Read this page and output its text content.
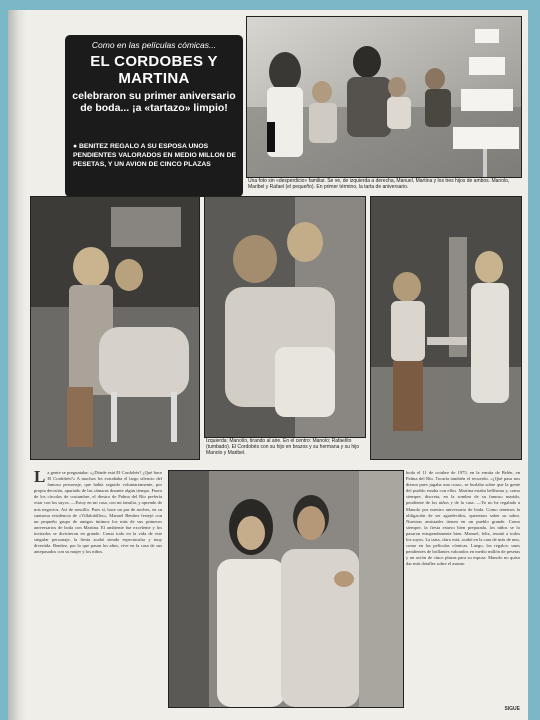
Como en las películas cómicas...
EL CORDOBES Y MARTINA
celebraron su primer aniversario de boda... ¡a «tartazo» limpio!
● BENITEZ REGALO A SU ESPOSA UNOS PENDIENTES VALORADOS EN MEDIO MILLON DE PESETAS, Y UN AVION DE CINCO PLAZAS
Una foto sin «desperdicio» familiar. Se ve, de izquierda a derecha, Manuel, Martina y los tres hijos de ambos. Manolo, Maribel y Rafael (el pequeño). En primer término, la tarta de aniversario.
Izquierda: Manolín, tirando al aire. En el centro: Manolo; Rafaelito (tumbado). El Cordobés con su hijo en brazos y su hermana y su hijo Manolo y Maribel.
L a gente se preguntaba: «¿Dónde está El Cordobés? ¿Qué hace El Cordobés?» A muchos les extrañaba el largo silencio del famoso personaje, que había seguido voluntariamente, por propia decisión, apartado de las cámaras durante algún tiempo. Fuera de los círculos de costumbre, el diestro de Palma del Río prefería estar con los suyos. —Estoy en mi casa, con mi familia, y aprendo de mis negocios. Así de sencillo. Pues sí, hace un par de noches, en su suntuosa residencia de «Villalobillos», Manuel Benítez festejó con un pequeño grupo de amigos íntimos los más de sus primeros aniversarios de boda con Martina. El ambiente fue excelente y los invitados se divirtieron en grande. Como todo en la vida de este singular personaje, la fiesta acabó siendo espectacular y muy divertida. Benítez, por lo que pasan los años, vive en la casa de sus antepasados con su mujer y los niños.
boda el 11 de octubre de 1975, en la ermita de Belén, en Palma del Río. Tocaría también el recuerdo. «¿Qué pasa nos dieron pues jugaba una cosa», se burlaba sobre que la gente del pueblo estaba con ellos. Martina estaba bellísima y, como siempre, discreta, en la sombra de su famoso marido, pendiente de los niños y de la casa. —Yo no he regalado a Manolo por nuestro aniversario de boda. Como tenemos la obligación de ser agradecidos, queremos saber su sabor. Nuestras amistades tienen en un pueblo grande. Como siempre, la fiesta estuvo bien preparada, los niños se lo pasaron estupendamente bien. Manuel, feliz, reunió a todos los suyos. La tarta, claro está, acabó en la cara de más de uno, como en las películas cómicas. Luego, los regalos: unos pendientes de brillantes valorados en medio millón de pesetas y un avión de cinco plazas para su esposa. Manolo no quiso dar más detalles sobre el asunto.
SIGUE
